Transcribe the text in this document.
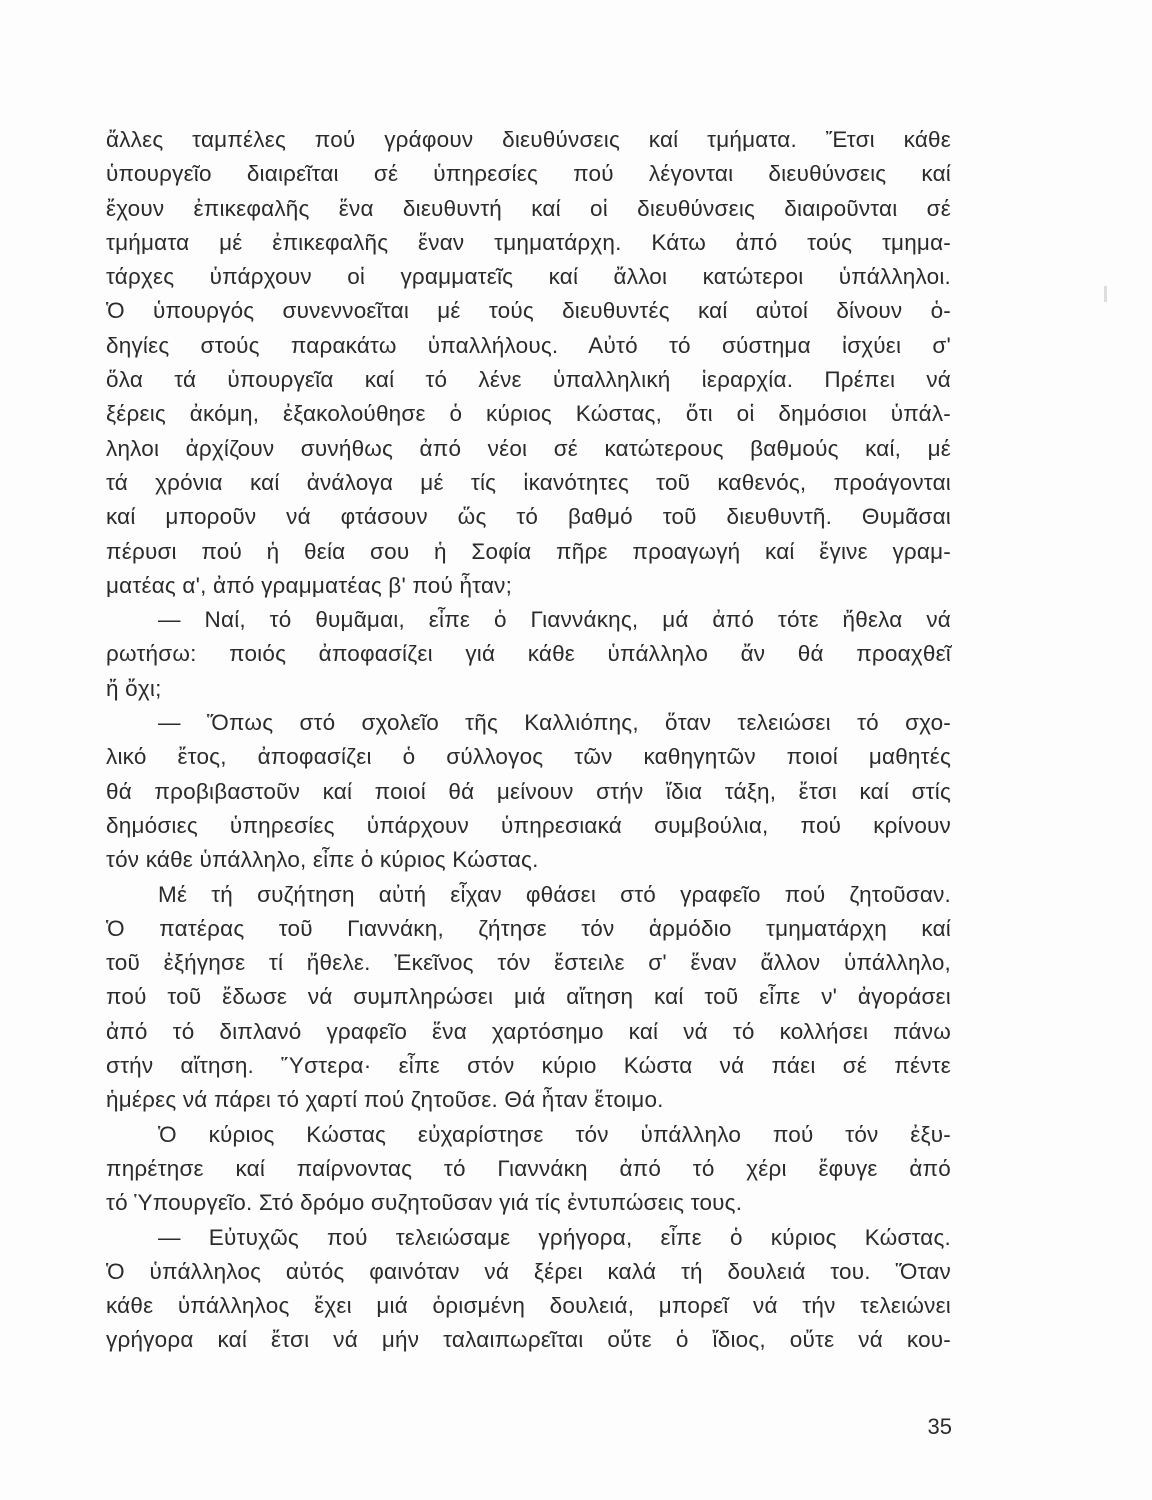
ἄλλες ταμπέλες πού γράφουν διευθύνσεις καί τμήματα. Ἔτσι κάθε
ὑπουργεῖο διαιρεῖται σέ ὑπηρεσίες πού λέγονται διευθύνσεις καί
ἔχουν ἐπικεφαλῆς ἕνα διευθυντή καί οἱ διευθύνσεις διαιροῦνται σέ
τμήματα μέ ἐπικεφαλῆς ἕναν τμηματάρχη. Κάτω ἀπό τούς τμημα-
τάρχες ὑπάρχουν οἱ γραμματεῖς καί ἄλλοι κατώτεροι ὑπάλληλοι.
Ὁ ὑπουργός συνεννοεῖται μέ τούς διευθυντές καί αὐτοί δίνουν ὁ-
δηγίες στούς παρακάτω ὑπαλλήλους. Αὐτό τό σύστημα ἰσχύει σ'
ὅλα τά ὑπουργεῖα καί τό λένε ὑπαλληλική ἱεραρχία. Πρέπει νά
ξέρεις ἀκόμη, ἐξακολούθησε ὁ κύριος Κώστας, ὅτι οἱ δημόσιοι ὑπάλ-
ληλοι ἀρχίζουν συνήθως ἀπό νέοι σέ κατώτερους βαθμούς καί, μέ
τά χρόνια καί ἀνάλογα μέ τίς ἱκανότητες τοῦ καθενός, προάγονται
καί μποροῦν νά φτάσουν ὥς τό βαθμό τοῦ διευθυντῆ. Θυμᾶσαι
πέρυσι πού ἡ θεία σου ἡ Σοφία πῆρε προαγωγή καί ἔγινε γραμ-
ματέας α', ἀπό γραμματέας β' πού ἦταν;
— Ναί, τό θυμᾶμαι, εἶπε ὁ Γιαννάκης, μά ἀπό τότε ἤθελα νά
ρωτήσω: ποιός ἀποφασίζει γιά κάθε ὑπάλληλο ἄν θά προαχθεῖ
ἤ ὄχι;
— Ὅπως στό σχολεῖο τῆς Καλλιόπης, ὅταν τελειώσει τό σχο-
λικό ἔτος, ἀποφασίζει ὁ σύλλογος τῶν καθηγητῶν ποιοί μαθητές
θά προβιβαστοῦν καί ποιοί θά μείνουν στήν ἴδια τάξη, ἔτσι καί στίς
δημόσιες ὑπηρεσίες ὑπάρχουν ὑπηρεσιακά συμβούλια, πού κρίνουν
τόν κάθε ὑπάλληλο, εἶπε ὁ κύριος Κώστας.
Μέ τή συζήτηση αὐτή εἶχαν φθάσει στό γραφεῖο πού ζητοῦσαν.
Ὁ πατέρας τοῦ Γιαννάκη, ζήτησε τόν ἁρμόδιο τμηματάρχη καί
τοῦ ἐξήγησε τί ἤθελε. Ἐκεῖνος τόν ἔστειλε σ' ἕναν ἄλλον ὑπάλληλο,
πού τοῦ ἔδωσε νά συμπληρώσει μιά αἴτηση καί τοῦ εἶπε ν' ἀγοράσει
ἀπό τό διπλανό γραφεῖο ἕνα χαρτόσημο καί νά τό κολλήσει πάνω
στήν αἴτηση. Ὕστερα· εἶπε στόν κύριο Κώστα νά πάει σέ πέντε
ἡμέρες νά πάρει τό χαρτί πού ζητοῦσε. Θά ἦταν ἕτοιμο.
Ὁ κύριος Κώστας εὐχαρίστησε τόν ὑπάλληλο πού τόν ἐξυ-
πηρέτησε καί παίρνοντας τό Γιαννάκη ἀπό τό χέρι ἔφυγε ἀπό
τό Ὑπουργεῖο. Στό δρόμο συζητοῦσαν γιά τίς ἐντυπώσεις τους.
— Εὐτυχῶς πού τελειώσαμε γρήγορα, εἶπε ὁ κύριος Κώστας.
Ὁ ὑπάλληλος αὐτός φαινόταν νά ξέρει καλά τή δουλειά του. Ὅταν
κάθε ὑπάλληλος ἔχει μιά ὁρισμένη δουλειά, μπορεῖ νά τήν τελειώνει
γρήγορα καί ἔτσι νά μήν ταλαιπωρεῖται οὔτε ὁ ἴδιος, οὔτε νά κου-
35
